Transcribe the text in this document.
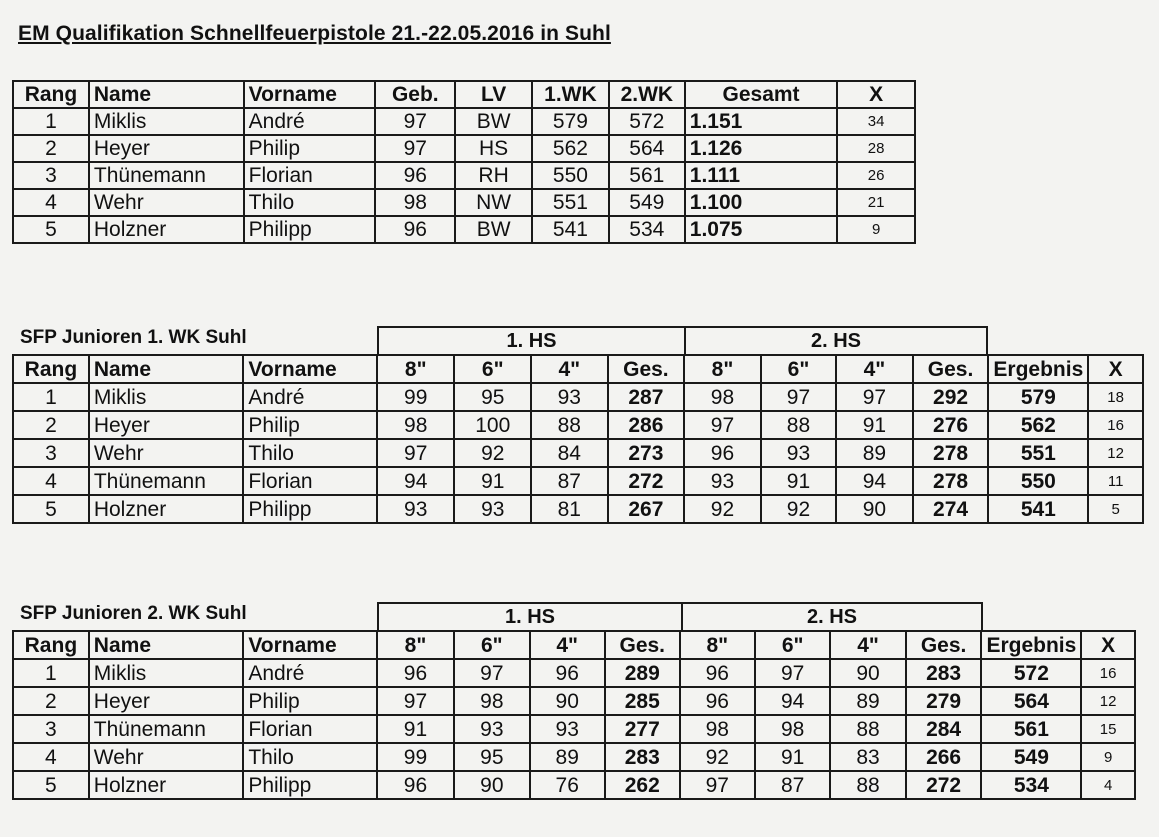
EM Qualifikation Schnellfeuerpistole 21.-22.05.2016 in Suhl
Rang	Name	Vorname	Geb.	LV	1.WK	2.WK	Gesamt	X
1	Miklis	André	97	BW	579	572	1.151	34
2	Heyer	Philip	97	HS	562	564	1.126	28
3	Thünemann	Florian	96	RH	550	561	1.111	26
4	Wehr	Thilo	98	NW	551	549	1.100	21
5	Holzner	Philipp	96	BW	541	534	1.075	9
SFP Junioren 1. WK Suhl	1. HS	2. HS
Rang	Name	Vorname	8"	6"	4"	Ges.	8"	6"	4"	Ges.	Ergebnis	X
1	Miklis	André	99	95	93	287	98	97	97	292	579	18
2	Heyer	Philip	98	100	88	286	97	88	91	276	562	16
3	Wehr	Thilo	97	92	84	273	96	93	89	278	551	12
4	Thünemann	Florian	94	91	87	272	93	91	94	278	550	11
5	Holzner	Philipp	93	93	81	267	92	92	90	274	541	5
SFP Junioren 2. WK Suhl	1. HS	2. HS
Rang	Name	Vorname	8"	6"	4"	Ges.	8"	6"	4"	Ges.	Ergebnis	X
1	Miklis	André	96	97	96	289	96	97	90	283	572	16
2	Heyer	Philip	97	98	90	285	96	94	89	279	564	12
3	Thünemann	Florian	91	93	93	277	98	98	88	284	561	15
4	Wehr	Thilo	99	95	89	283	92	91	83	266	549	9
5	Holzner	Philipp	96	90	76	262	97	87	88	272	534	4
